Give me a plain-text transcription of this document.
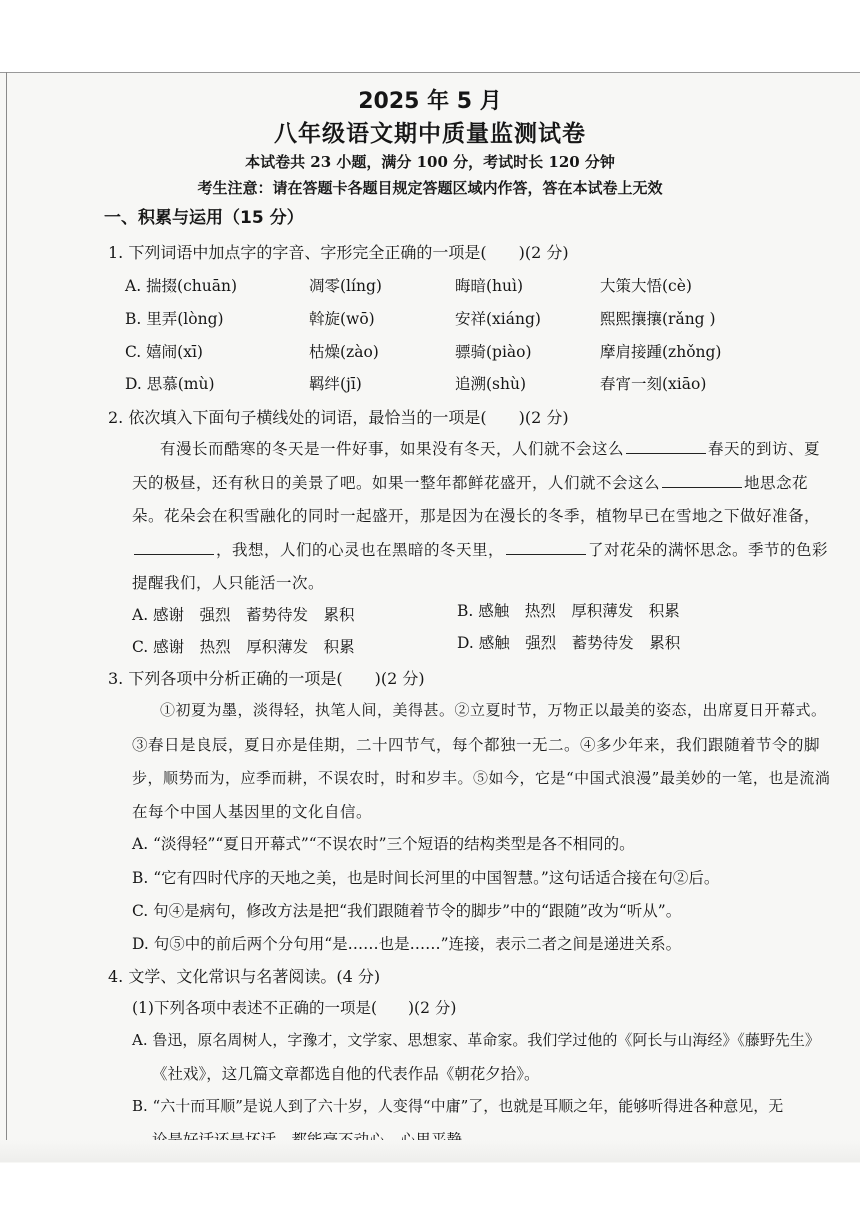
2025 年 5 月
八年级语文期中质量监测试卷
本试卷共 23 小题，满分 100 分，考试时长 120 分钟
考生注意：请在答题卡各题目规定答题区域内作答，答在本试卷上无效
一、积累与运用（15 分）
1. 下列词语中加点字的字音、字形完全正确的一项是(　　)(2 分)
A. 揣掇(chuān)	凋零(líng)	晦暗(huì)	大策大悟(cè)
B. 里弄(lòng)	斡旋(wō)	安祥(xiáng)	熙熙攘攘(rǎng )
C. 嬉闹(xī)	枯燥(zào)	骠骑(piào)	摩肩接踵(zhǒng)
D. 思慕(mù)	羁绊(jī)	追溯(shù)	春宵一刻(xiāo)
2. 依次填入下面句子横线处的词语，最恰当的一项是(　　)(2 分)
有漫长而酷寒的冬天是一件好事，如果没有冬天，人们就不会这么	春天的到访、夏
天的极昼，还有秋日的美景了吧。如果一整年都鲜花盛开，人们就不会这么	地思念花
朵。花朵会在积雪融化的同时一起盛开，那是因为在漫长的冬季，植物早已在雪地之下做好准备，
，我想，人们的心灵也在黑暗的冬天里，	了对花朵的满怀思念。季节的色彩
提醒我们，人只能活一次。
A. 感谢　强烈　蓄势待发　累积	B. 感触　热烈　厚积薄发　积累
C. 感谢　热烈　厚积薄发　积累	D. 感触　强烈　蓄势待发　累积
3. 下列各项中分析正确的一项是(　　)(2 分)
①初夏为墨，淡得轻，执笔人间，美得甚。②立夏时节，万物正以最美的姿态，出席夏日开幕式。
③春日是良辰，夏日亦是佳期，二十四节气，每个都独一无二。④多少年来，我们跟随着节令的脚
步，顺势而为，应季而耕，不误农时，时和岁丰。⑤如今，它是“中国式浪漫”最美妙的一笔，也是流淌
在每个中国人基因里的文化自信。
A. “淡得轻”“夏日开幕式”“不误农时”三个短语的结构类型是各不相同的。
B. “它有四时代序的天地之美，也是时间长河里的中国智慧。”这句话适合接在句②后。
C. 句④是病句，修改方法是把“我们跟随着节令的脚步”中的“跟随”改为“听从”。
D. 句⑤中的前后两个分句用“是……也是……”连接，表示二者之间是递进关系。
4. 文学、文化常识与名著阅读。(4 分)
(1)下列各项中表述不正确的一项是(　　)(2 分)
A. 鲁迅，原名周树人，字豫才，文学家、思想家、革命家。我们学过他的《阿长与山海经》《藤野先生》
《社戏》，这几篇文章都选自他的代表作品《朝花夕拾》。
B. “六十而耳顺”是说人到了六十岁，人变得“中庸”了，也就是耳顺之年，能够听得进各种意见，无
